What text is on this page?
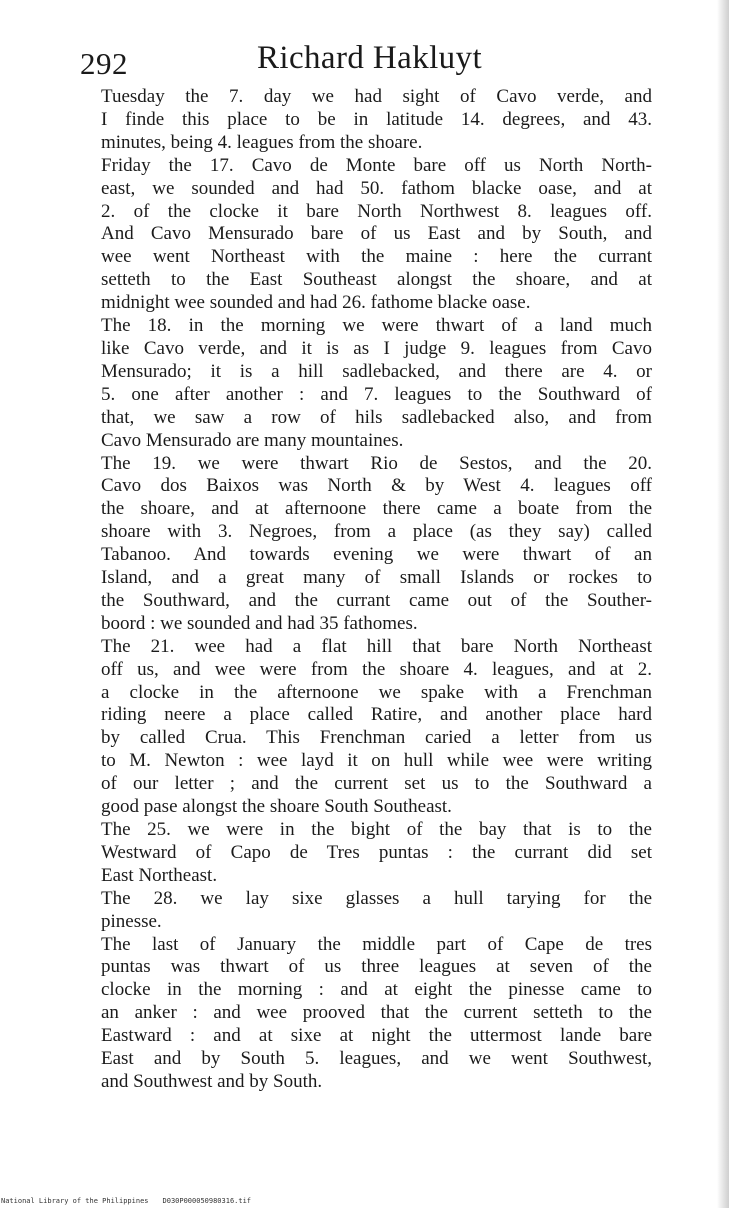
292	Richard Hakluyt
Tuesday the 7. day we had sight of Cavo verde, and
I finde this place to be in latitude 14. degrees, and 43.
minutes, being 4. leagues from the shoare.
Friday the 17. Cavo de Monte bare off us North North-
east, we sounded and had 50. fathom blacke oase, and at
2. of the clocke it bare North Northwest 8. leagues off.
And Cavo Mensurado bare of us East and by South, and
wee went Northeast with the maine : here the currant
setteth to the East Southeast alongst the shoare, and at
midnight wee sounded and had 26. fathome blacke oase.
The 18. in the morning we were thwart of a land much
like Cavo verde, and it is as I judge 9. leagues from Cavo
Mensurado; it is a hill sadlebacked, and there are 4. or
5. one after another : and 7. leagues to the Southward of
that, we saw a row of hils sadlebacked also, and from
Cavo Mensurado are many mountaines.
The 19. we were thwart Rio de Sestos, and the 20.
Cavo dos Baixos was North & by West 4. leagues off
the shoare, and at afternoone there came a boate from the
shoare with 3. Negroes, from a place (as they say) called
Tabanoo. And towards evening we were thwart of an
Island, and a great many of small Islands or rockes to
the Southward, and the currant came out of the Souther-
boord : we sounded and had 35 fathomes.
The 21. wee had a flat hill that bare North Northeast
off us, and wee were from the shoare 4. leagues, and at 2.
a clocke in the afternoone we spake with a Frenchman
riding neere a place called Ratire, and another place hard
by called Crua. This Frenchman caried a letter from us
to M. Newton : wee layd it on hull while wee were writing
of our letter ; and the current set us to the Southward a
good pase alongst the shoare South Southeast.
The 25. we were in the bight of the bay that is to the
Westward of Capo de Tres puntas : the currant did set
East Northeast.
The 28. we lay sixe glasses a hull tarying for the
pinesse.
The last of January the middle part of Cape de tres
puntas was thwart of us three leagues at seven of the
clocke in the morning : and at eight the pinesse came to
an anker : and wee prooved that the current setteth to the
Eastward : and at sixe at night the uttermost lande bare
East and by South 5. leagues, and we went Southwest,
and Southwest and by South.
National Library of the Philippines D030P000050980316.tif
